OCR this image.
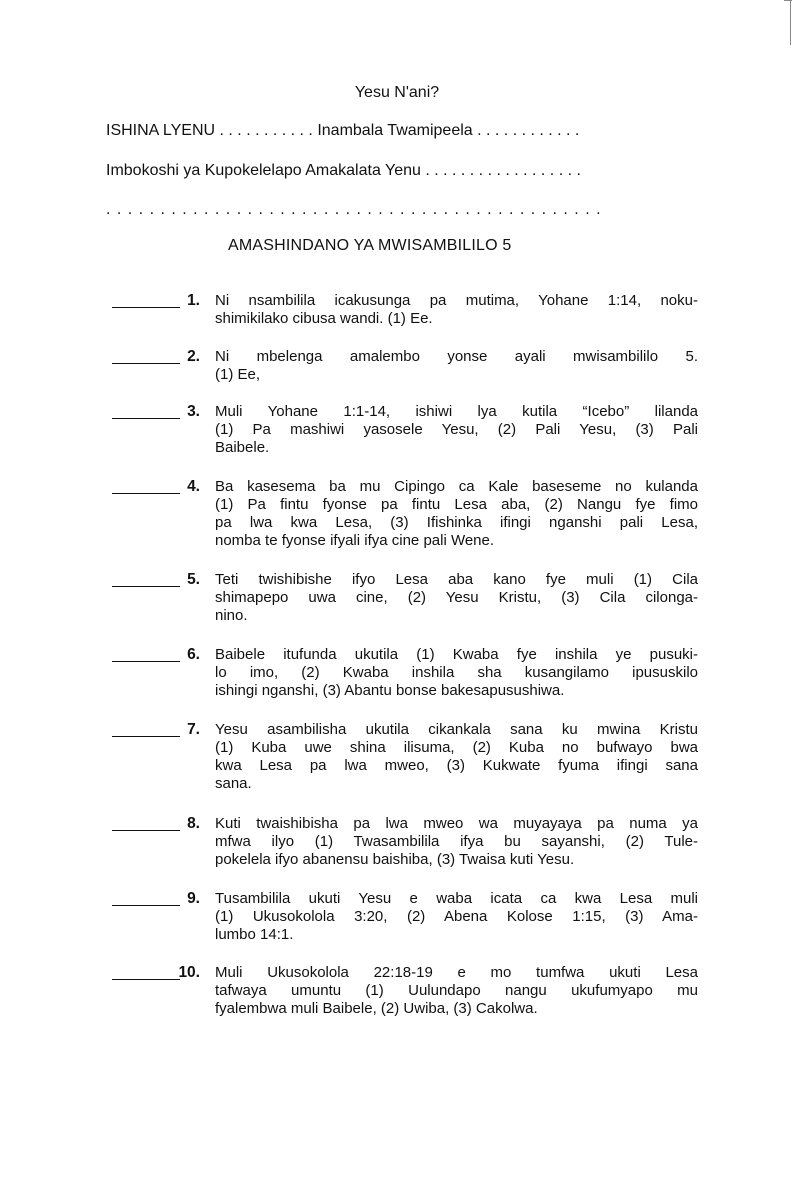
Yesu N'ani?
ISHINA LYENU . . . . . . . . . . . Inambala Twamipeela . . . . . . . . . . . .
Imbokoshi ya Kupokelelapo Amakalata Yenu . . . . . . . . . . . . . . . . . .
. . . . . . . . . . . . . . . . . . . . . . . . . . . . . . . . . . . . . . . . . . . . . .
AMASHINDANO YA MWISAMBILILO 5
1. Ni nsambilila icakusunga pa mutima, Yohane 1:14, noku-
shimikilako cibusa wandi. (1) Ee.
2. Ni mbelenga amalembo yonse ayali mwisambililo 5.
(1) Ee,
3. Muli Yohane 1:1-14, ishiwi lya kutila “Icebo” lilanda
(1) Pa mashiwi yasosele Yesu, (2) Pali Yesu, (3) Pali
Baibele.
4. Ba kasesema ba mu Cipingo ca Kale baseseme no kulanda
(1) Pa fintu fyonse pa fintu Lesa aba, (2) Nangu fye fimo
pa lwa kwa Lesa, (3) Ifishinka ifingi nganshi pali Lesa,
nomba te fyonse ifyali ifya cine pali Wene.
5. Teti twishibishe ifyo Lesa aba kano fye muli (1) Cila
shimapepo uwa cine, (2) Yesu Kristu, (3) Cila cilonga-
nino.
6. Baibele itufunda ukutila (1) Kwaba fye inshila ye pusuki-
lo imo, (2) Kwaba inshila sha kusangilamo ipususkilo
ishingi nganshi, (3) Abantu bonse bakesapusushiwa.
7. Yesu asambilisha ukutila cikankala sana ku mwina Kristu
(1) Kuba uwe shina ilisuma, (2) Kuba no bufwayo bwa
kwa Lesa pa lwa mweo, (3) Kukwate fyuma ifingi sana
sana.
8. Kuti twaishibisha pa lwa mweo wa muyayaya pa numa ya
mfwa ilyo (1) Twasambilila ifya bu sayanshi, (2) Tule-
pokelela ifyo abanensu baishiba, (3) Twaisa kuti Yesu.
9. Tusambilila ukuti Yesu e waba icata ca kwa Lesa muli
(1) Ukusokolola 3:20, (2) Abena Kolose 1:15, (3) Ama-
lumbo 14:1.
10. Muli Ukusokolola 22:18-19 e mo tumfwa ukuti Lesa
tafwaya umuntu (1) Uulundapo nangu ukufumyapo mu
fyalembwa muli Baibele, (2) Uwiba, (3) Cakolwa.
